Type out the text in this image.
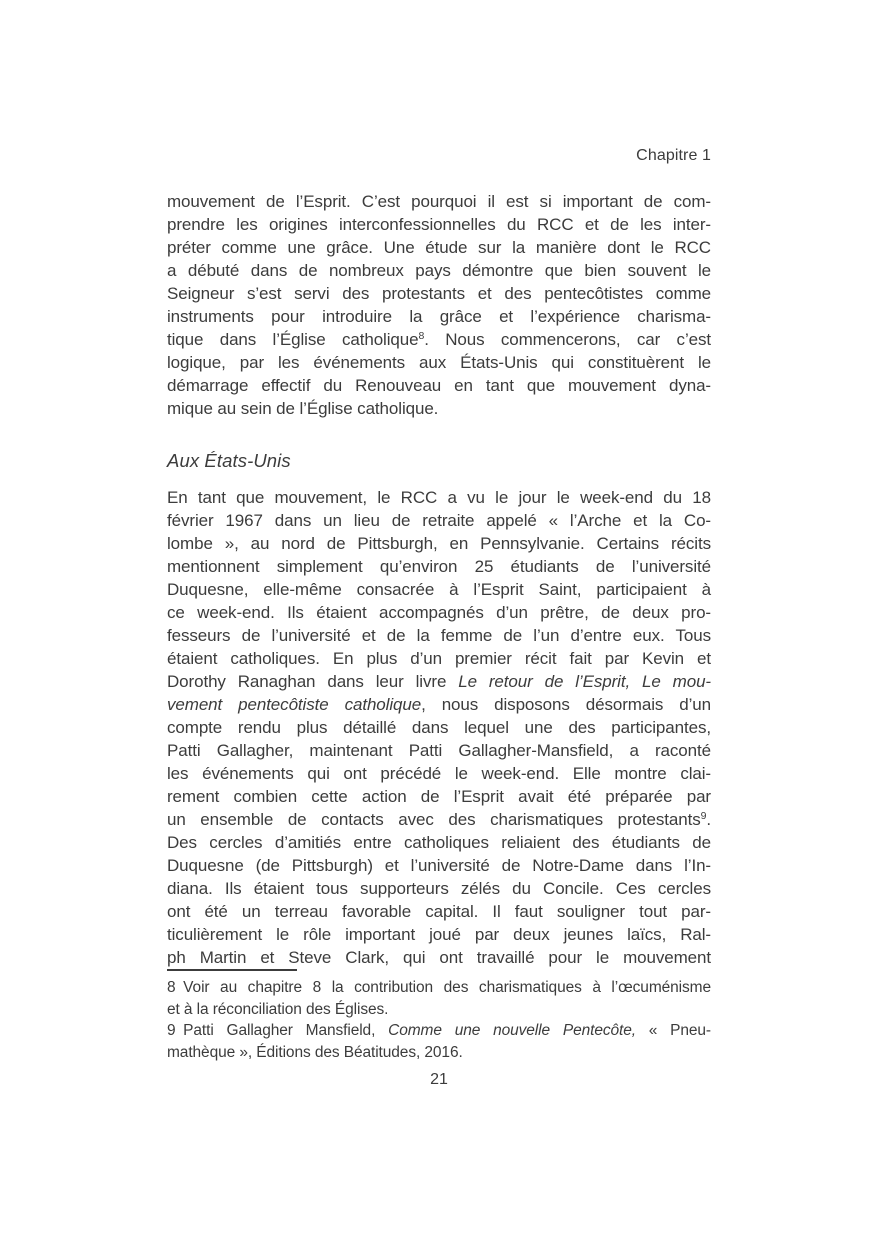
Chapitre 1
mouvement de l’Esprit. C’est pourquoi il est si important de com-
prendre les origines interconfessionnelles du RCC et de les inter-
préter comme une grâce. Une étude sur la manière dont le RCC
a débuté dans de nombreux pays démontre que bien souvent le
Seigneur s’est servi des protestants et des pentecôtistes comme
instruments pour introduire la grâce et l’expérience charisma-
tique dans l’Église catholique$^8$. Nous commencerons, car c’est
logique, par les événements aux États-Unis qui constituèrent le
démarrage effectif du Renouveau en tant que mouvement dyna-
mique au sein de l’Église catholique.
Aux États-Unis
En tant que mouvement, le RCC a vu le jour le week-end du 18
février 1967 dans un lieu de retraite appelé « l’Arche et la Co-
lombe », au nord de Pittsburgh, en Pennsylvanie. Certains récits
mentionnent simplement qu’environ 25 étudiants de l’université
Duquesne, elle-même consacrée à l’Esprit Saint, participaient à
ce week-end. Ils étaient accompagnés d’un prêtre, de deux pro-
fesseurs de l’université et de la femme de l’un d’entre eux. Tous
étaient catholiques. En plus d’un premier récit fait par Kevin et
Dorothy Ranaghan dans leur livre Le retour de l’Esprit, Le mou-
vement pentecôtiste catholique, nous disposons désormais d’un
compte rendu plus détaillé dans lequel une des participantes,
Patti Gallagher, maintenant Patti Gallagher-Mansfield, a raconté
les événements qui ont précédé le week-end. Elle montre clai-
rement combien cette action de l’Esprit avait été préparée par
un ensemble de contacts avec des charismatiques protestants$^9$.
Des cercles d’amitiés entre catholiques reliaient des étudiants de
Duquesne (de Pittsburgh) et l’université de Notre-Dame dans l’In-
diana. Ils étaient tous supporteurs zélés du Concile. Ces cercles
ont été un terreau favorable capital. Il faut souligner tout par-
ticulièrement le rôle important joué par deux jeunes laïcs, Ral-
ph Martin et Steve Clark, qui ont travaillé pour le mouvement
8 Voir au chapitre 8 la contribution des charismatiques à l’œcuménisme
et à la réconciliation des Églises.
9 Patti Gallagher Mansfield, Comme une nouvelle Pentecôte, « Pneu-
mathèque », Éditions des Béatitudes, 2016.
21
